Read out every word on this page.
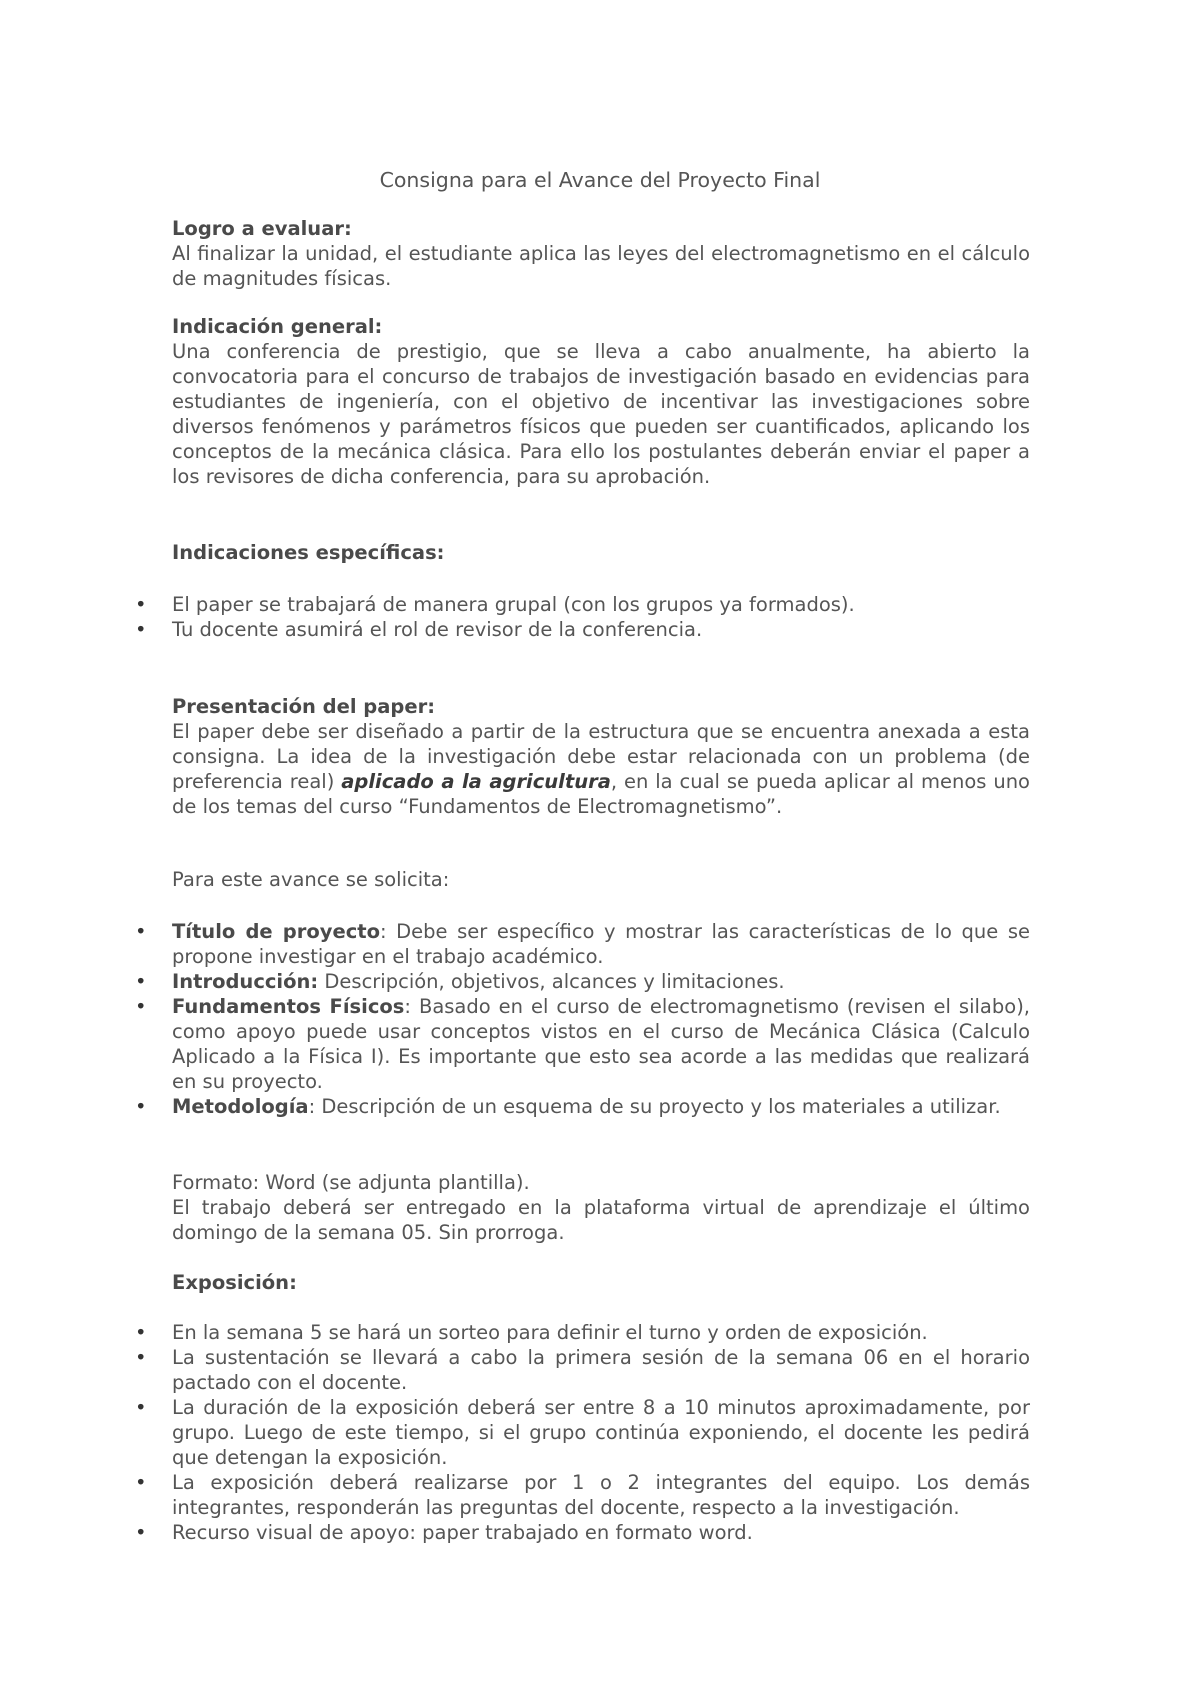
Consigna para el Avance del Proyecto Final

Logro a evaluar:

Al finalizar la unidad, el estudiante aplica las leyes del electromagnetismo en el cálculo de magnitudes físicas.

Indicación general:

Una conferencia de prestigio, que se lleva a cabo anualmente, ha abierto la convocatoria para el concurso de trabajos de investigación basado en evidencias para estudiantes de ingeniería, con el objetivo de incentivar las investigaciones sobre diversos fenómenos y parámetros físicos que pueden ser cuantificados, aplicando los conceptos de la mecánica clásica. Para ello los postulantes deberán enviar el paper a los revisores de dicha conferencia, para su aprobación.

Indicaciones específicas:

• El paper se trabajará de manera grupal (con los grupos ya formados).
• Tu docente asumirá el rol de revisor de la conferencia.

Presentación del paper:

El paper debe ser diseñado a partir de la estructura que se encuentra anexada a esta consigna. La idea de la investigación debe estar relacionada con un problema (de preferencia real) aplicado a la agricultura, en la cual se pueda aplicar al menos uno de los temas del curso “Fundamentos de Electromagnetismo”.

Para este avance se solicita:

• Título de proyecto: Debe ser específico y mostrar las características de lo que se propone investigar en el trabajo académico.
• Introducción: Descripción, objetivos, alcances y limitaciones.
• Fundamentos Físicos: Basado en el curso de electromagnetismo (revisen el silabo), como apoyo puede usar conceptos vistos en el curso de Mecánica Clásica (Calculo Aplicado a la Física I). Es importante que esto sea acorde a las medidas que realizará en su proyecto.
• Metodología: Descripción de un esquema de su proyecto y los materiales a utilizar.

Formato: Word (se adjunta plantilla).

El trabajo deberá ser entregado en la plataforma virtual de aprendizaje el último domingo de la semana 05. Sin prorroga.

Exposición:

• En la semana 5 se hará un sorteo para definir el turno y orden de exposición.
• La sustentación se llevará a cabo la primera sesión de la semana 06 en el horario pactado con el docente.
• La duración de la exposición deberá ser entre 8 a 10 minutos aproximadamente, por grupo. Luego de este tiempo, si el grupo continúa exponiendo, el docente les pedirá que detengan la exposición.
• La exposición deberá realizarse por 1 o 2 integrantes del equipo. Los demás integrantes, responderán las preguntas del docente, respecto a la investigación.
• Recurso visual de apoyo: paper trabajado en formato word.
